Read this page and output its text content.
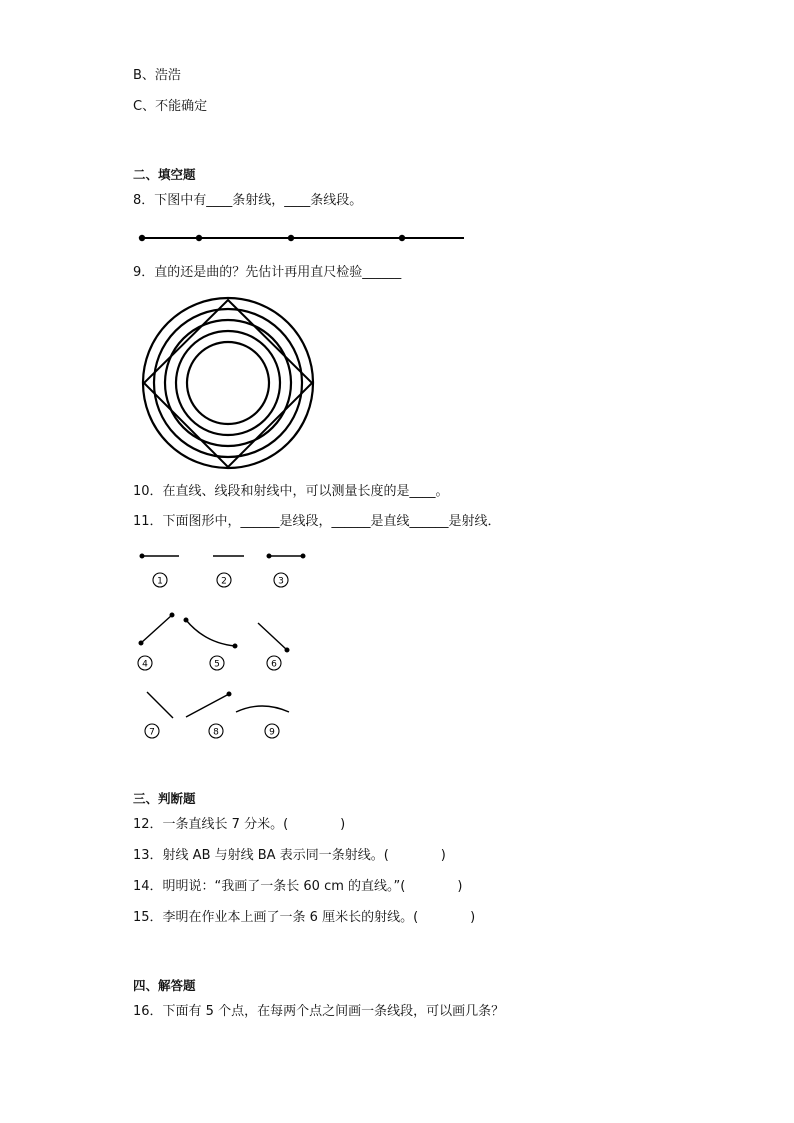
B、浩浩
C、不能确定
二、填空题
8．下图中有____条射线，____条线段。
9．直的还是曲的？先估计再用直尺检验______
10．在直线、线段和射线中，可以测量长度的是____。
11．下面图形中，______是线段，______是直线______是射线．
1	2	3
4	5	6
7	8	9
三、判断题
12．一条直线长 7 分米。(　　　　)
13．射线 AB 与射线 BA 表示同一条射线。(　　　　)
14．明明说：“我画了一条长 60 cm 的直线。”(　　　　)
15．李明在作业本上画了一条 6 厘米长的射线。(　　　　)
四、解答题
16．下面有 5 个点，在每两个点之间画一条线段，可以画几条？
